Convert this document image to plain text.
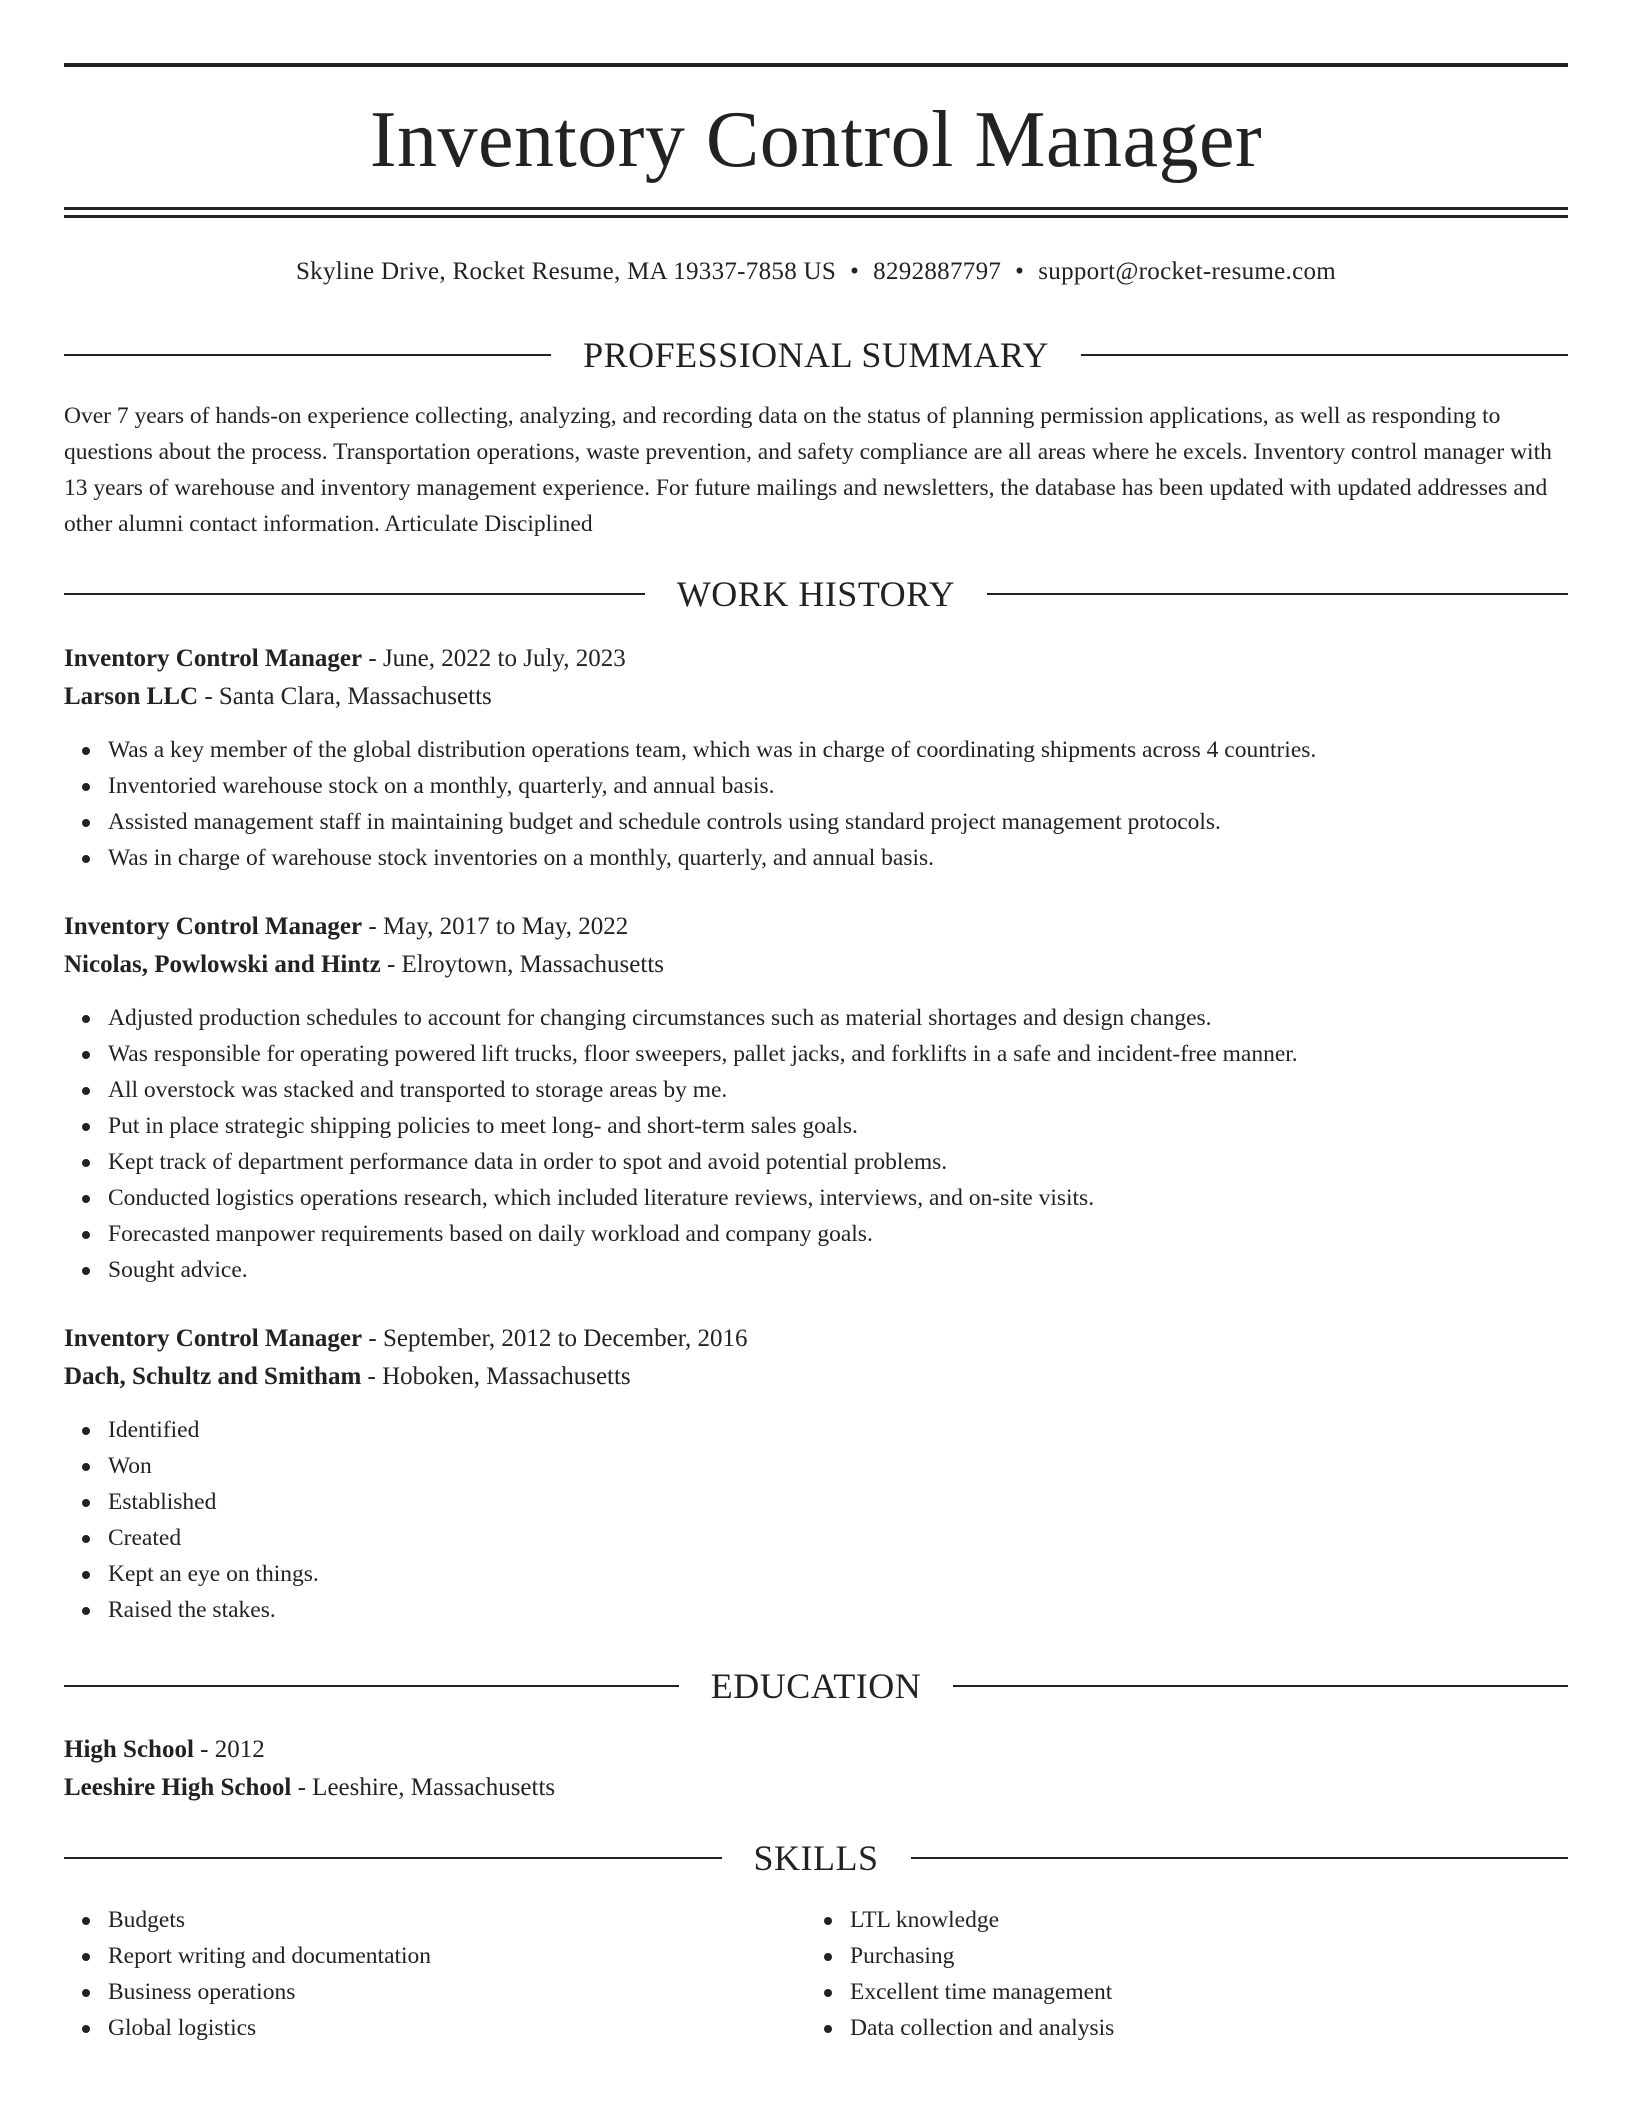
Inventory Control Manager
Skyline Drive, Rocket Resume, MA 19337-7858 US • 8292887797 • support@rocket-resume.com
PROFESSIONAL SUMMARY

Over 7 years of hands-on experience collecting, analyzing, and recording data on the status of planning permission applications, as well as responding to questions about the process. Transportation operations, waste prevention, and safety compliance are all areas where he excels. Inventory control manager with 13 years of warehouse and inventory management experience. For future mailings and newsletters, the database has been updated with updated addresses and other alumni contact information. Articulate Disciplined

WORK HISTORY
Inventory Control Manager - June, 2022 to July, 2023
Larson LLC - Santa Clara, Massachusetts
Was a key member of the global distribution operations team, which was in charge of coordinating shipments across 4 countries.
Inventoried warehouse stock on a monthly, quarterly, and annual basis.
Assisted management staff in maintaining budget and schedule controls using standard project management protocols.
Was in charge of warehouse stock inventories on a monthly, quarterly, and annual basis.
Inventory Control Manager - May, 2017 to May, 2022
Nicolas, Powlowski and Hintz - Elroytown, Massachusetts
Adjusted production schedules to account for changing circumstances such as material shortages and design changes.
Was responsible for operating powered lift trucks, floor sweepers, pallet jacks, and forklifts in a safe and incident-free manner.
All overstock was stacked and transported to storage areas by me.
Put in place strategic shipping policies to meet long- and short-term sales goals.
Kept track of department performance data in order to spot and avoid potential problems.
Conducted logistics operations research, which included literature reviews, interviews, and on-site visits.
Forecasted manpower requirements based on daily workload and company goals.
Sought advice.
Inventory Control Manager - September, 2012 to December, 2016
Dach, Schultz and Smitham - Hoboken, Massachusetts
Identified
Won
Established
Created
Kept an eye on things.
Raised the stakes.
EDUCATION
High School - 2012
Leeshire High School - Leeshire, Massachusetts
SKILLS
Budgets
Report writing and documentation
Business operations
Global logistics
LTL knowledge
Purchasing
Excellent time management
Data collection and analysis
